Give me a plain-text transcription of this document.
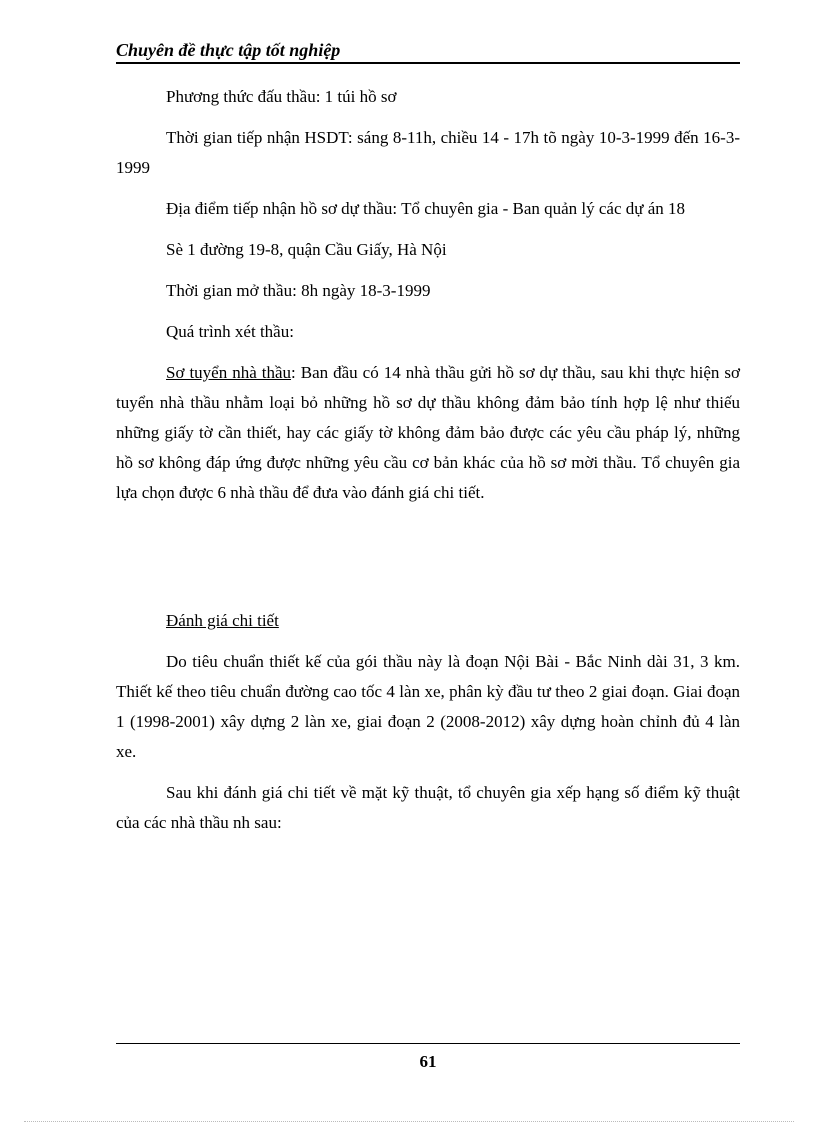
Chuyên đề thực tập tốt nghiệp

Phương thức đấu thầu: 1 túi hồ sơ

Thời gian tiếp nhận HSDT: sáng 8-11h, chiều 14 - 17h tõ ngày 10-3-1999 đến 16-3-1999

Địa điểm tiếp nhận hồ sơ dự thầu: Tổ chuyên gia - Ban quản lý các dự án 18

Sè 1 đường 19-8, quận Cầu Giấy, Hà Nội

Thời gian mở thầu: 8h ngày 18-3-1999

Quá trình xét thầu:

Sơ tuyển nhà thầu: Ban đầu có 14 nhà thầu gửi hồ sơ dự thầu, sau khi thực hiện sơ tuyển nhà thầu nhằm loại bỏ những hồ sơ dự thầu không đảm bảo tính hợp lệ như thiếu những giấy tờ cần thiết, hay các giấy tờ không đảm bảo được các yêu cầu pháp lý, những hồ sơ không đáp ứng được những yêu cầu cơ bản khác của hồ sơ mời thầu. Tổ chuyên gia lựa chọn được 6 nhà thầu để đưa vào đánh giá chi tiết.

Đánh giá chi tiết

Do tiêu chuẩn thiết kế của gói thầu này là đoạn Nội Bài - Bắc Ninh dài 31, 3 km. Thiết kế theo tiêu chuẩn đường cao tốc 4 làn xe, phân kỳ đầu tư theo 2 giai đoạn. Giai đoạn 1 (1998-2001) xây dựng 2 làn xe, giai đoạn 2 (2008-2012) xây dựng hoàn chỉnh đủ 4 làn xe.

Sau khi đánh giá chi tiết về mặt kỹ thuật, tổ chuyên gia xếp hạng số điểm kỹ thuật của các nhà thầu nh sau:

61
